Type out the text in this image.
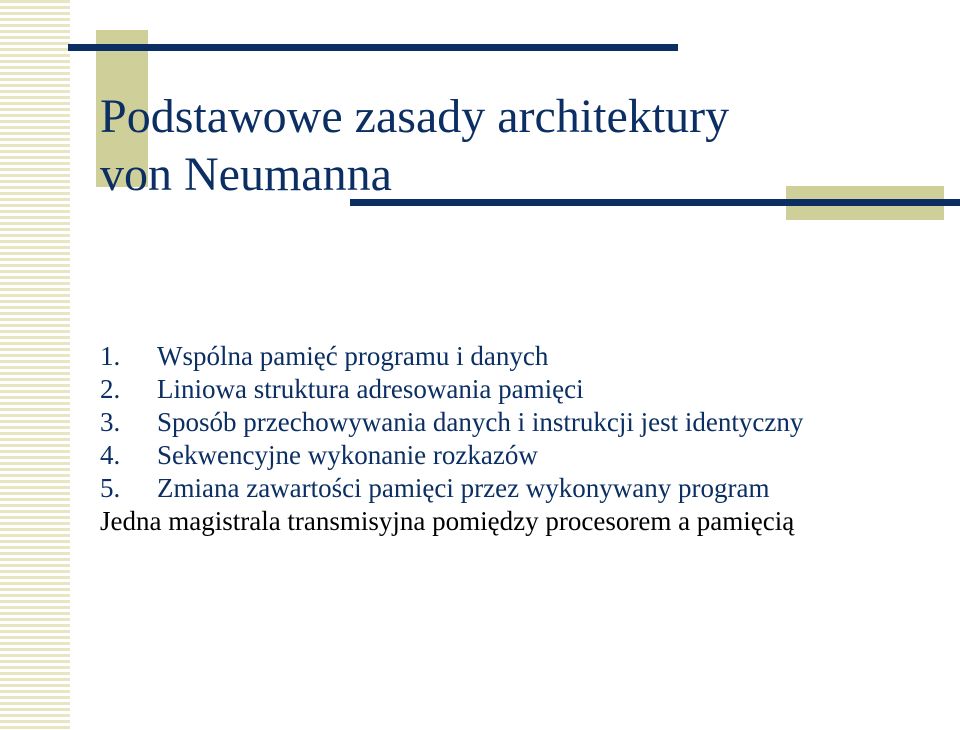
Podstawowe zasady architektury
von Neumanna
1.	Wspólna pamięć programu i danych
2.	Liniowa struktura adresowania pamięci
3.	Sposób przechowywania danych i instrukcji jest identyczny
4.	Sekwencyjne wykonanie rozkazów
5.	Zmiana zawartości pamięci przez wykonywany program
Jedna magistrala transmisyjna pomiędzy procesorem a pamięcią
